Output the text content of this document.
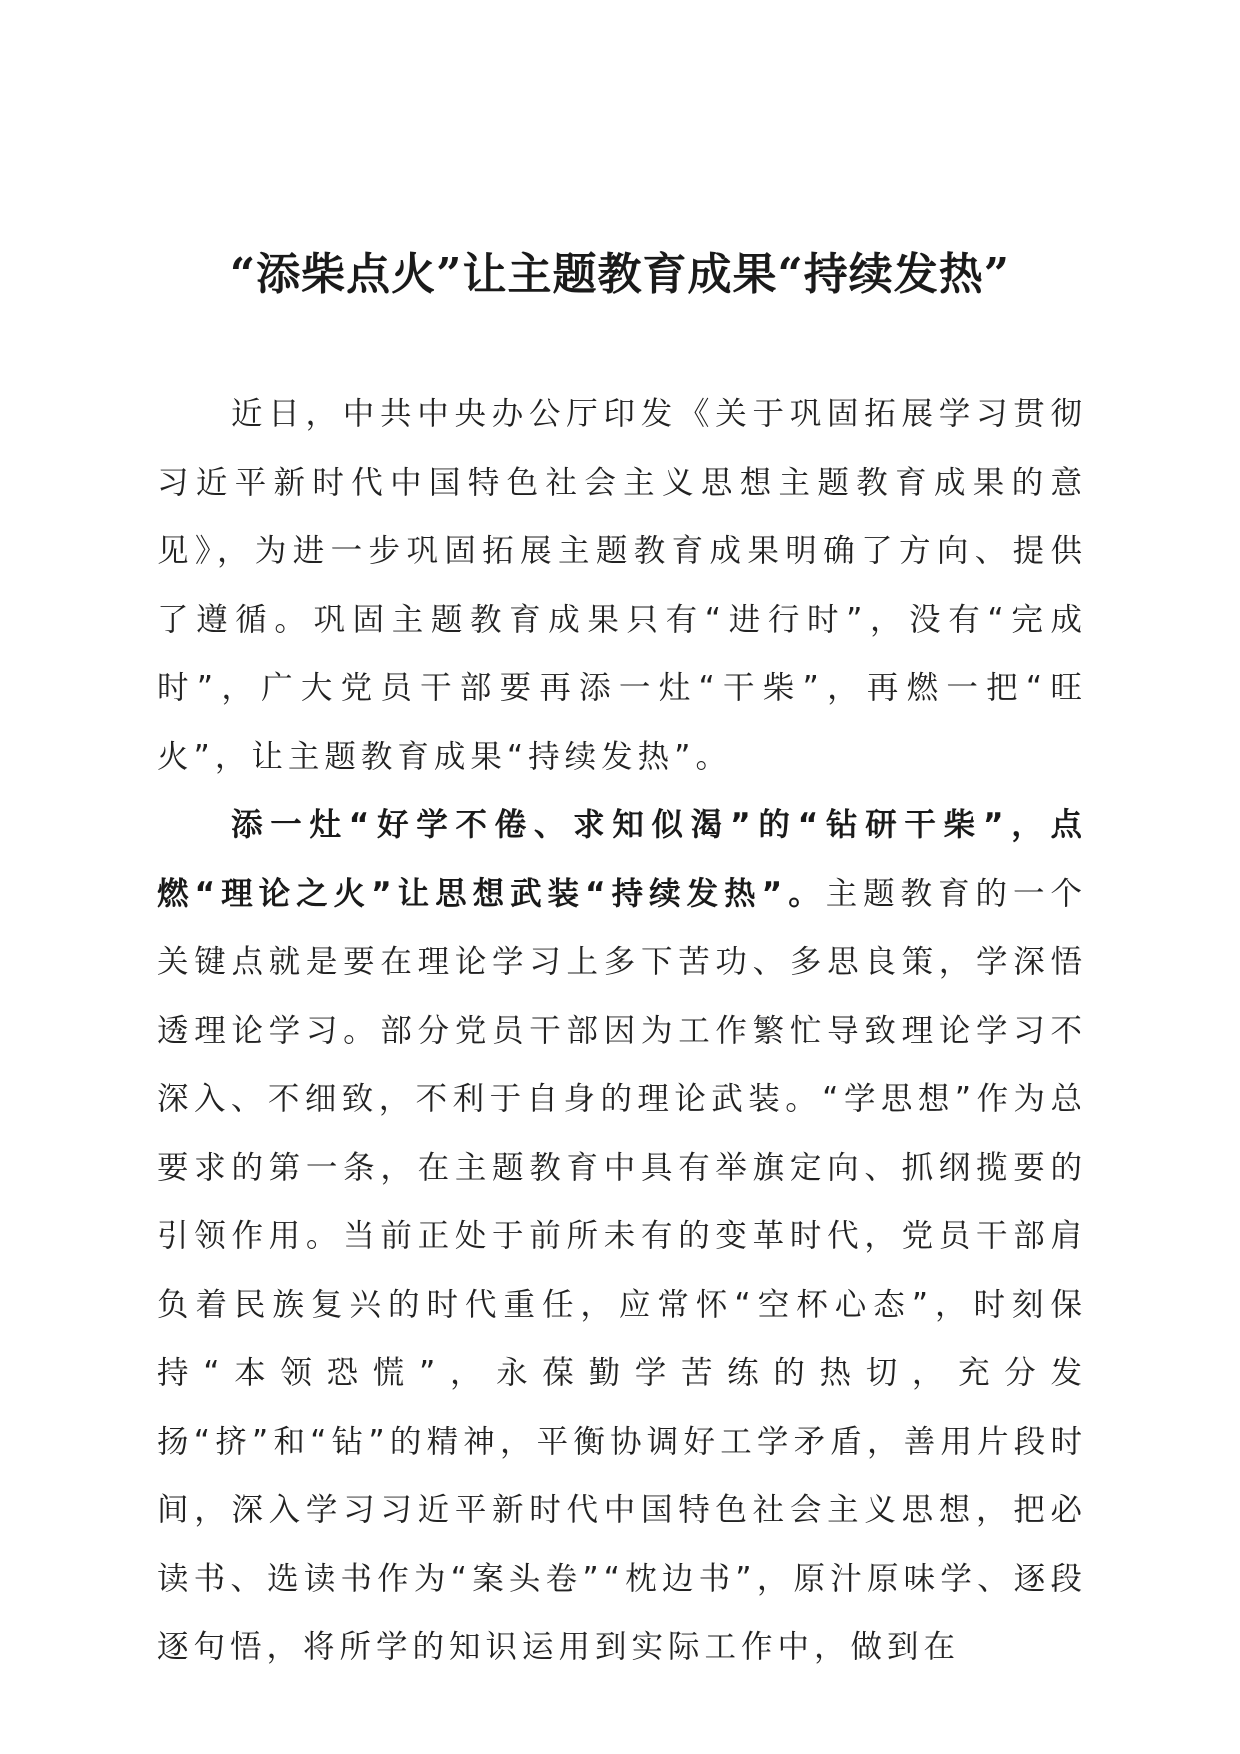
“添柴点火”让主题教育成果“持续发热”

近日，中共中央办公厅印发《关于巩固拓展学习贯彻习近平新时代中国特色社会主义思想主题教育成果的意见》，为进一步巩固拓展主题教育成果明确了方向、提供了遵循。巩固主题教育成果只有“进行时”，没有“完成时”，广大党员干部要再添一灶“干柴”，再燃一把“旺火”，让主题教育成果“持续发热”。

添一灶“好学不倦、求知似渴”的“钻研干柴”，点燃“理论之火”让思想武装“持续发热”。主题教育的一个关键点就是要在理论学习上多下苦功、多思良策，学深悟透理论学习。部分党员干部因为工作繁忙导致理论学习不深入、不细致，不利于自身的理论武装。“学思想”作为总要求的第一条，在主题教育中具有举旗定向、抓纲揽要的引领作用。当前正处于前所未有的变革时代，党员干部肩负着民族复兴的时代重任，应常怀“空杯心态”，时刻保持“本领恐慌”，永葆勤学苦练的热切，充分发扬“挤”和“钻”的精神，平衡协调好工学矛盾，善用片段时间，深入学习习近平新时代中国特色社会主义思想，把必读书、选读书作为“案头卷”“枕边书”，原汁原味学、逐段逐句悟，将所学的知识运用到实际工作中，做到在
